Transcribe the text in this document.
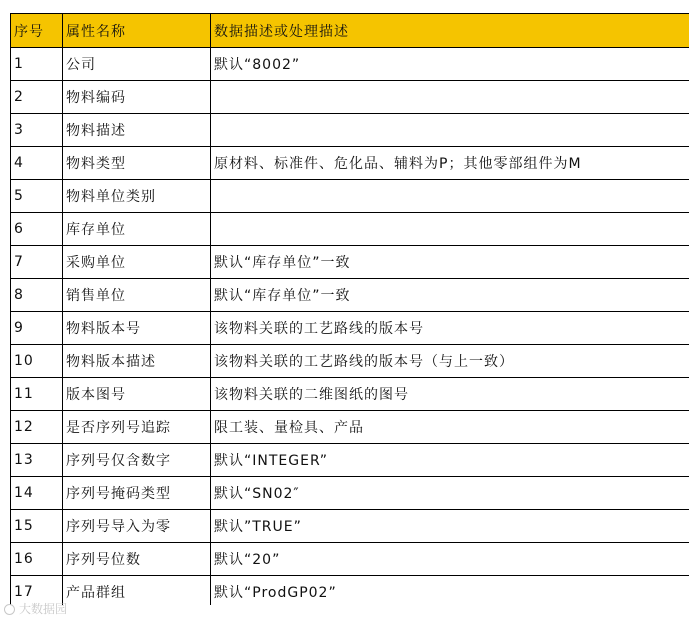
序号	属性名称	数据描述或处理描述
1	公司	默认“8002”
2	物料编码	
3	物料描述	
4	物料类型	原材料、标准件、危化品、辅料为P；其他零部组件为M
5	物料单位类别	
6	库存单位	
7	采购单位	默认“库存单位”一致
8	销售单位	默认“库存单位”一致
9	物料版本号	该物料关联的工艺路线的版本号
10	物料版本描述	该物料关联的工艺路线的版本号（与上一致）
11	版本图号	该物料关联的二维图纸的图号
12	是否序列号追踪	限工装、量检具、产品
13	序列号仅含数字	默认“INTEGER”
14	序列号掩码类型	默认“SN02″
15	序列号导入为零	默认”TRUE”
16	序列号位数	默认“20”
17	产品群组	默认“ProdGP02”
大数据园
